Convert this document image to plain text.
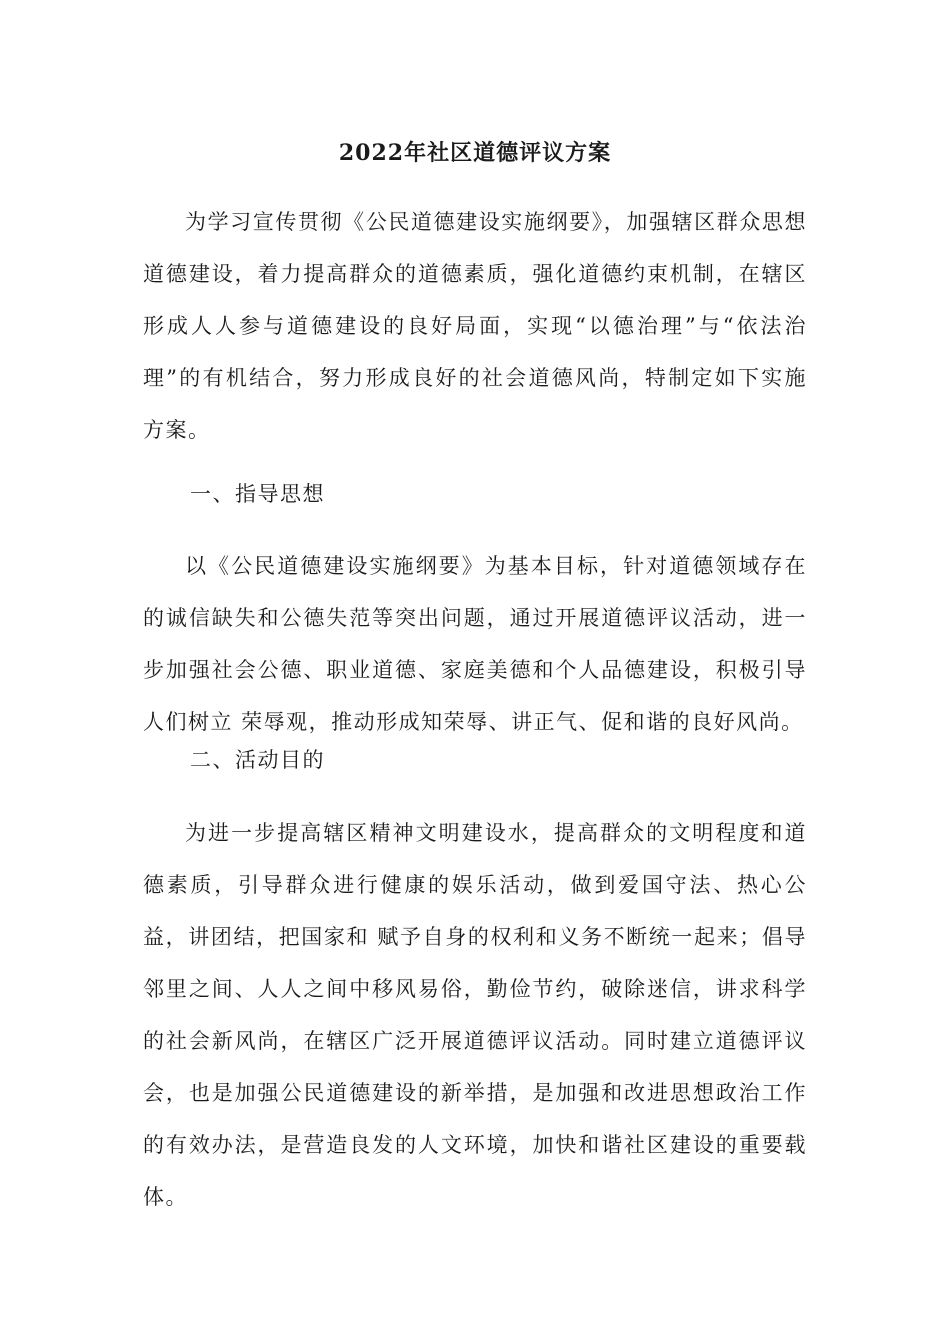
2022年社区道德评议方案

为学习宣传贯彻《公民道德建设实施纲要》，加强辖区群众思想道德建设，着力提高群众的道德素质，强化道德约束机制，在辖区形成人人参与道德建设的良好局面，实现“以德治理”与“依法治理”的有机结合，努力形成良好的社会道德风尚，特制定如下实施方案。

一、指导思想

以《公民道德建设实施纲要》为基本目标，针对道德领域存在的诚信缺失和公德失范等突出问题，通过开展道德评议活动，进一步加强社会公德、职业道德、家庭美德和个人品德建设，积极引导人们树立 荣辱观，推动形成知荣辱、讲正气、促和谐的良好风尚。

二、活动目的

为进一步提高辖区精神文明建设水，提高群众的文明程度和道德素质，引导群众进行健康的娱乐活动，做到爱国守法、热心公益，讲团结，把国家和 赋予自身的权利和义务不断统一起来；倡导邻里之间、人人之间中移风易俗，勤俭节约，破除迷信，讲求科学的社会新风尚，在辖区广泛开展道德评议活动。同时建立道德评议会，也是加强公民道德建设的新举措，是加强和改进思想政治工作的有效办法，是营造良发的人文环境，加快和谐社区建设的重要载体。
